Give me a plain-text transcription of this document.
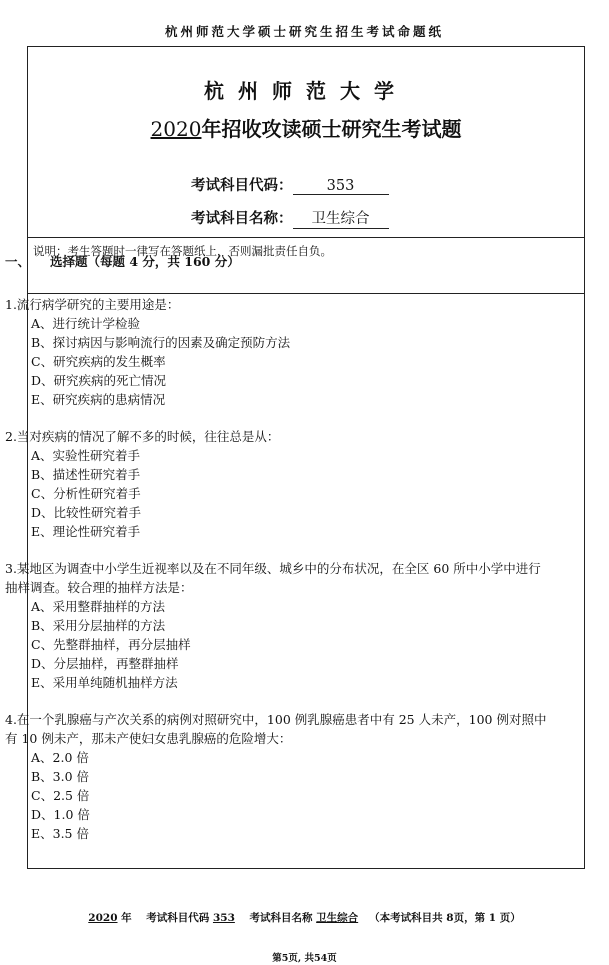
杭州师范大学硕士研究生招生考试命题纸
杭州师范大学
2020年招收攻读硕士研究生考试题
考试科目代码： 353
考试科目名称： 卫生综合
说明：考生答题时一律写在答题纸上，否则漏批责任自负。
一、 选择题（每题 4 分，共 160 分）
1.流行病学研究的主要用途是：
A、进行统计学检验
B、探讨病因与影响流行的因素及确定预防方法
C、研究疾病的发生概率
D、研究疾病的死亡情况
E、研究疾病的患病情况
2.当对疾病的情况了解不多的时候，往往总是从：
A、实验性研究着手
B、描述性研究着手
C、分析性研究着手
D、比较性研究着手
E、理论性研究着手
3.某地区为调查中小学生近视率以及在不同年级、城乡中的分布状况，在全区 60 所中小学中进行抽样调查。较合理的抽样方法是：
A、采用整群抽样的方法
B、采用分层抽样的方法
C、先整群抽样，再分层抽样
D、分层抽样，再整群抽样
E、采用单纯随机抽样方法
4.在一个乳腺癌与产次关系的病例对照研究中，100 例乳腺癌患者中有 25 人未产，100 例对照中有 10 例未产，那未产使妇女患乳腺癌的危险增大：
A、2.0 倍
B、3.0 倍
C、2.5 倍
D、1.0 倍
E、3.5 倍
2020 年 考试科目代码 353 考试科目名称 卫生综合 （本考试科目共 8页，第 1 页）
第5页, 共54页
